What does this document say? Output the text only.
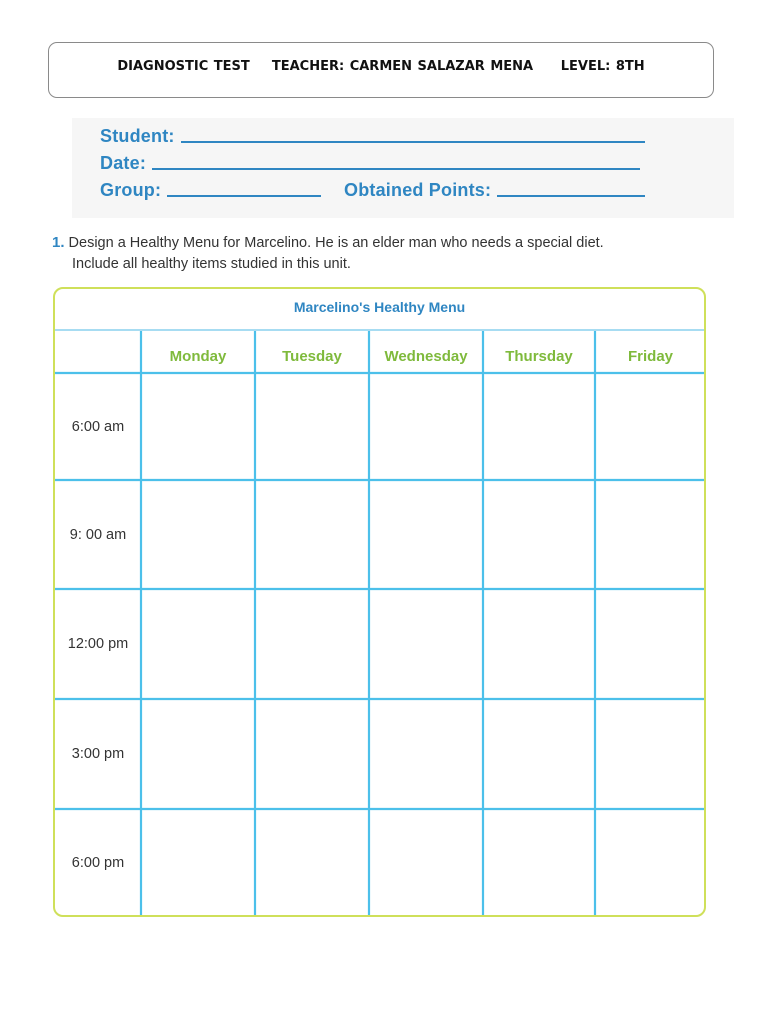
DIAGNOSTIC TEST
TEACHER: CARMEN SALAZAR MENA
LEVEL: 8TH
Student:
Date:
Group:	Obtained Points:
1. Design a Healthy Menu for Marcelino. He is an elder man who needs a special diet.
Include all healthy items studied in this unit.
Marcelino's Healthy Menu
Monday	Tuesday	Wednesday	Thursday	Friday
6:00 am
9: 00 am
12:00 pm
3:00 pm
6:00 pm
